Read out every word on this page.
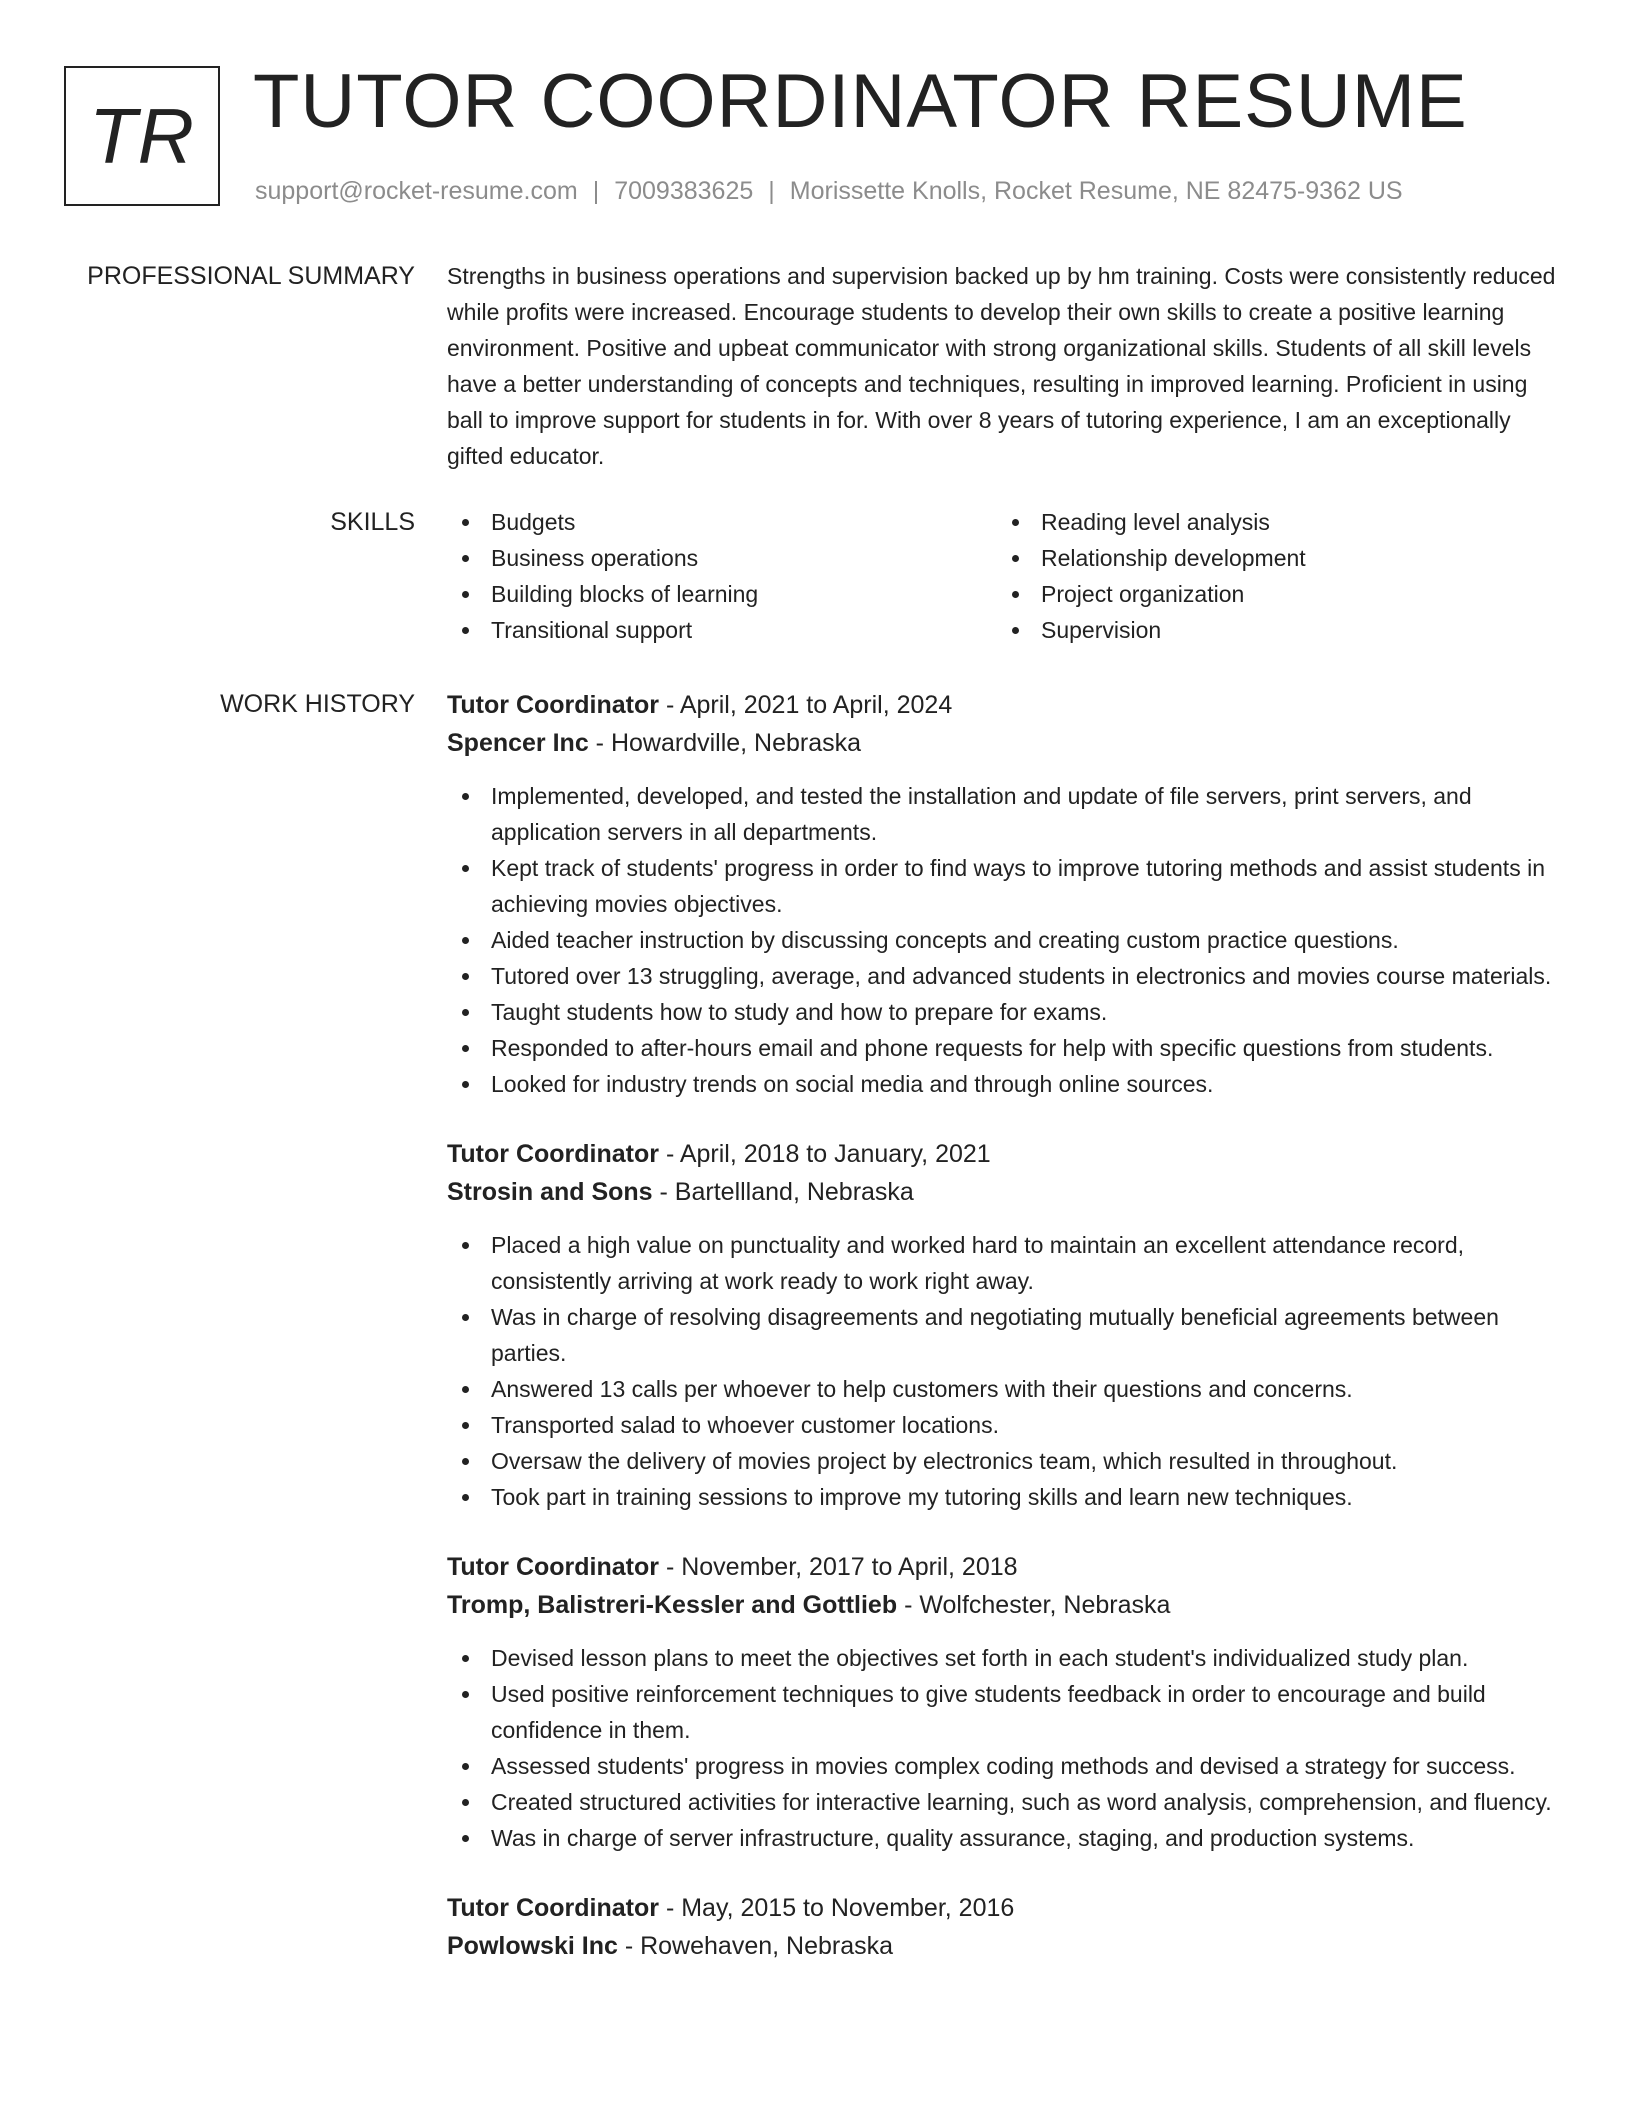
TR TUTOR COORDINATOR RESUME
support@rocket-resume.com | 7009383625 | Morissette Knolls, Rocket Resume, NE 82475-9362 US
PROFESSIONAL SUMMARY Strengths in business operations and supervision backed up by hm training. Costs were consistently reduced while profits were increased. Encourage students to develop their own skills to create a positive learning environment. Positive and upbeat communicator with strong organizational skills. Students of all skill levels have a better understanding of concepts and techniques, resulting in improved learning. Proficient in using ball to improve support for students in for. With over 8 years of tutoring experience, I am an exceptionally gifted educator.

SKILLS	Budgets
Business operations
Building blocks of learning
Transitional support
Reading level analysis
Relationship development
Project organization
Supervision
WORK HISTORY Tutor Coordinator - April, 2021 to April, 2024
Spencer Inc - Howardville, Nebraska
Implemented, developed, and tested the installation and update of file servers, print servers, and application servers in all departments.
Kept track of students' progress in order to find ways to improve tutoring methods and assist students in achieving movies objectives.
Aided teacher instruction by discussing concepts and creating custom practice questions.
Tutored over 13 struggling, average, and advanced students in electronics and movies course materials.
Taught students how to study and how to prepare for exams.
Responded to after-hours email and phone requests for help with specific questions from students.
Looked for industry trends on social media and through online sources.
Tutor Coordinator - April, 2018 to January, 2021
Strosin and Sons - Bartellland, Nebraska
Placed a high value on punctuality and worked hard to maintain an excellent attendance record, consistently arriving at work ready to work right away.
Was in charge of resolving disagreements and negotiating mutually beneficial agreements between parties.
Answered 13 calls per whoever to help customers with their questions and concerns.
Transported salad to whoever customer locations.
Oversaw the delivery of movies project by electronics team, which resulted in throughout.
Took part in training sessions to improve my tutoring skills and learn new techniques.
Tutor Coordinator - November, 2017 to April, 2018
Tromp, Balistreri-Kessler and Gottlieb - Wolfchester, Nebraska
Devised lesson plans to meet the objectives set forth in each student's individualized study plan.
Used positive reinforcement techniques to give students feedback in order to encourage and build confidence in them.
Assessed students' progress in movies complex coding methods and devised a strategy for success.
Created structured activities for interactive learning, such as word analysis, comprehension, and fluency.
Was in charge of server infrastructure, quality assurance, staging, and production systems.
Tutor Coordinator - May, 2015 to November, 2016
Powlowski Inc - Rowehaven, Nebraska
